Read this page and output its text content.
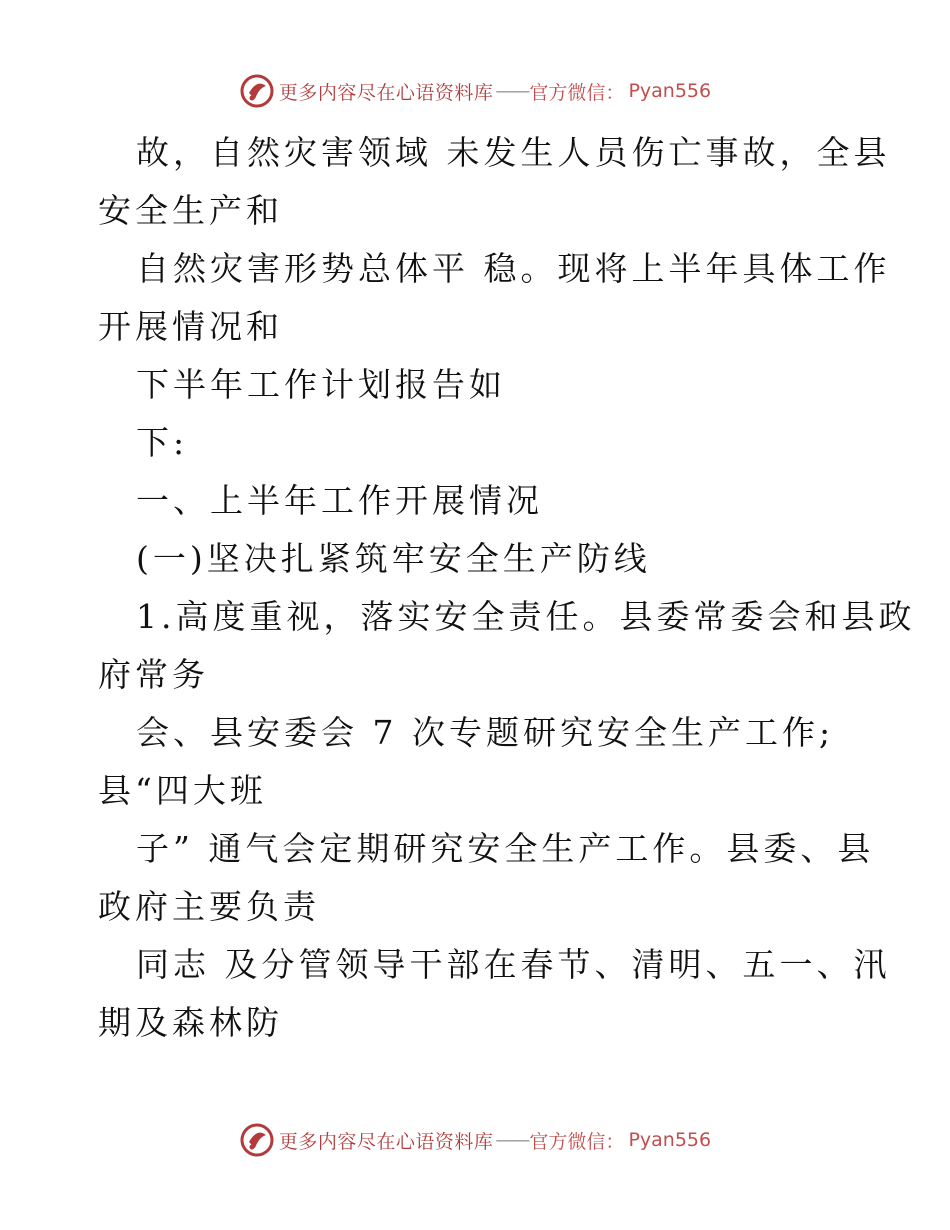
更多内容尽在心语资料库 —— 官方微信： Pyan556
故，自然灾害领域 未发生人员伤亡事故，全县
安全生产和
自然灾害形势总体平 稳。现将上半年具体工作
开展情况和
下半年工作计划报告如
下:
一、上半年工作开展情况
(一)坚决扎紧筑牢安全生产防线
1.高度重视，落实安全责任。县委常委会和县政
府常务
会、县安委会 7 次专题研究安全生产工作;
县“四大班
子” 通气会定期研究安全生产工作。县委、县
政府主要负责
同志 及分管领导干部在春节、清明、五一、汛
期及森林防
更多内容尽在心语资料库 —— 官方微信： Pyan556
